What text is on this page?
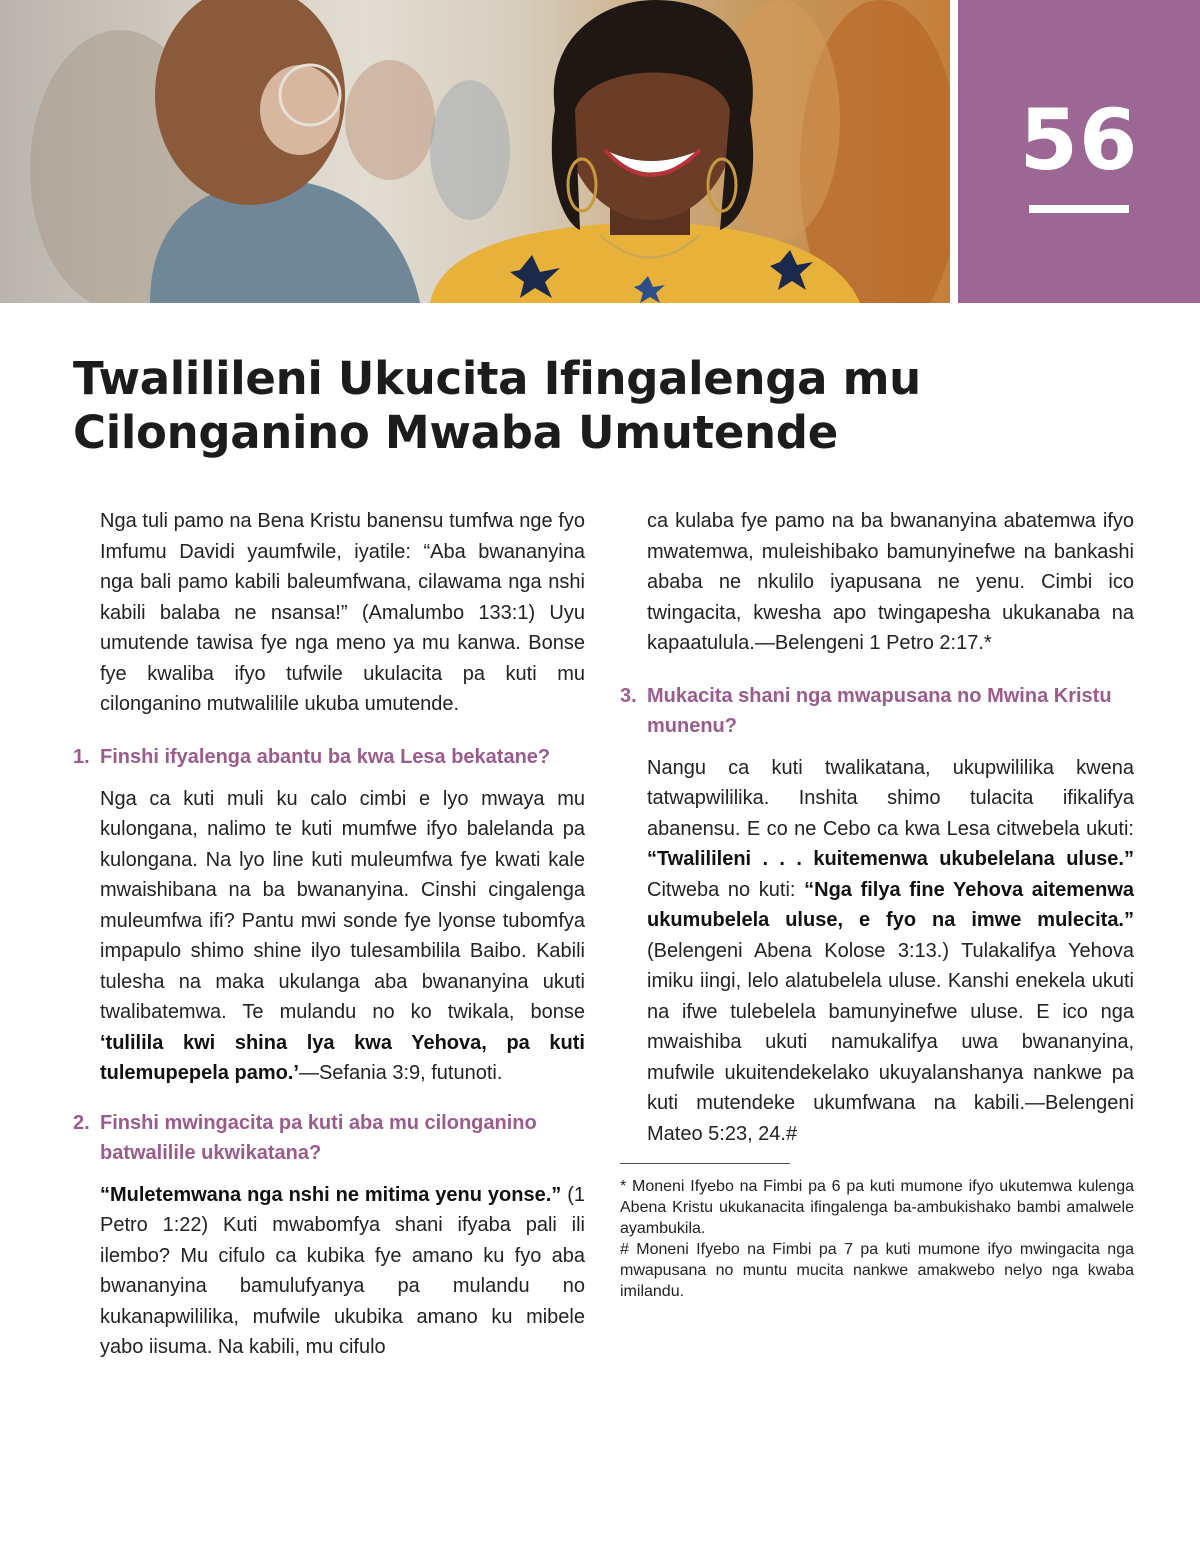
56
Twalilileni Ukucita Ifingalenga mu Cilonganino Mwaba Umutende

Nga tuli pamo na Bena Kristu banensu tumfwa nge fyo Imfumu Davidi yaumfwile, iyatile: “Aba bwananyina nga bali pamo kabili baleumfwana, cilawama nga nshi kabili balaba ne nsansa!” (Amalumbo 133:1) Uyu umutende tawisa fye nga meno ya mu kanwa. Bonse fye kwaliba ifyo tufwile ukulacita pa kuti mu cilonganino mutwalilile ukuba umutende.

1. Finshi ifyalenga abantu ba kwa Lesa bekatane?

Nga ca kuti muli ku calo cimbi e lyo mwaya mu kulongana, nalimo te kuti mumfwe ifyo balelanda pa kulongana. Na lyo line kuti muleumfwa fye kwati kale mwaishibana na ba bwananyina. Cinshi cingalenga muleumfwa ifi? Pantu mwi sonde fye lyonse tubomfya impapulo shimo shine ilyo tulesambilila Baibo. Kabili tulesha na maka ukulanga aba bwananyina ukuti twalibatemwa. Te mulandu no ko twikala, bonse ‘tulilila kwi shina lya kwa Yehova, pa kuti tulemupepela pamo.’—Sefania 3:9, futunoti.

2. Finshi mwingacita pa kuti aba mu cilonganino batwalilile ukwikatana?

“Muletemwana nga nshi ne mitima yenu yonse.” (1 Petro 1:22) Kuti mwabomfya shani ifyaba pali ili ilembo? Mu cifulo ca kubika fye amano ku fyo aba bwananyina bamulufyanya pa mulandu no kukanapwililika, mufwile ukubika amano ku mibele yabo iisuma. Na kabili, mu cifulo

ca kulaba fye pamo na ba bwananyina abatemwa ifyo mwatemwa, muleishibako bamunyinefwe na bankashi ababa ne nkulilo iyapusana ne yenu. Cimbi ico twingacita, kwesha apo twingapesha ukukanaba na kapaatulula.—Belengeni 1 Petro 2:17.*

3. Mukacita shani nga mwapusana no Mwina Kristu munenu?

Nangu ca kuti twalikatana, ukupwililika kwena tatwapwililika. Inshita shimo tulacita ifikalifya abanensu. E co ne Cebo ca kwa Lesa citwebela ukuti: “Twalilileni . . . kuitemenwa ukubelelana uluse.” Citweba no kuti: “Nga filya fine Yehova aitemenwa ukumubelela uluse, e fyo na imwe mulecita.” (Belengeni Abena Kolose 3:13.) Tulakalifya Yehova imiku iingi, lelo alatubelela uluse. Kanshi enekela ukuti na ifwe tulebelela bamunyinefwe uluse. E ico nga mwaishiba ukuti namukalifya uwa bwananyina, mufwile ukuitendekelako ukuyalanshanya nankwe pa kuti mutendeke ukumfwana na kabili.—Belengeni Mateo 5:23, 24.#

* Moneni Ifyebo na Fimbi pa 6 pa kuti mumone ifyo ukutemwa kulenga Abena Kristu ukukanacita ifingalenga ba-ambukishako bambi amalwele ayambukila.

# Moneni Ifyebo na Fimbi pa 7 pa kuti mumone ifyo mwingacita nga mwapusana no muntu mucita nankwe amakwebo nelyo nga kwaba imilandu.
